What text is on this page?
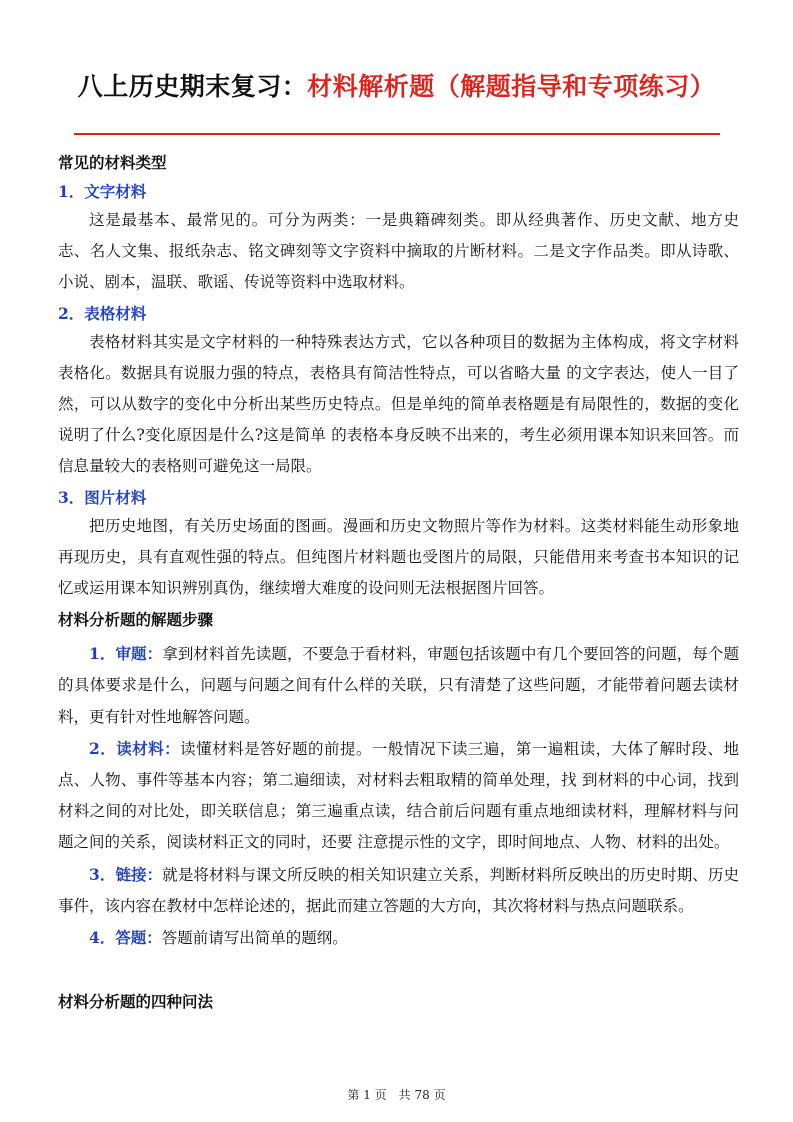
八上历史期末复习：材料解析题（解题指导和专项练习）
常见的材料类型
1．文字材料

这是最基本、最常见的。可分为两类：一是典籍碑刻类。即从经典著作、历史文献、地方史志、名人文集、报纸杂志、铭文碑刻等文字资料中摘取的片断材料。二是文字作品类。即从诗歌、小说、剧本，温联、歌谣、传说等资料中选取材料。

2．表格材料

表格材料其实是文字材料的一种特殊表达方式，它以各种项目的数据为主体构成，将文字材料表格化。数据具有说服力强的特点，表格具有简洁性特点，可以省略大量 的文字表达，使人一目了然，可以从数字的变化中分析出某些历史特点。但是单纯的简单表格题是有局限性的，数据的变化说明了什么?变化原因是什么?这是简单 的表格本身反映不出来的，考生必须用课本知识来回答。而信息量较大的表格则可避免这一局限。

3．图片材料

把历史地图，有关历史场面的图画。漫画和历史文物照片等作为材料。这类材料能生动形象地再现历史，具有直观性强的特点。但纯图片材料题也受图片的局限，只能借用来考查书本知识的记忆或运用课本知识辨别真伪，继续增大难度的设问则无法根据图片回答。

材料分析题的解题步骤

1．审题：拿到材料首先读题，不要急于看材料，审题包括该题中有几个要回答的问题，每个题的具体要求是什么，问题与问题之间有什么样的关联，只有清楚了这些问题，才能带着问题去读材料，更有针对性地解答问题。

2．读材料：读懂材料是答好题的前提。一般情况下读三遍，第一遍粗读，大体了解时段、地点、人物、事件等基本内容；第二遍细读，对材料去粗取精的简单处理，找 到材料的中心词，找到材料之间的对比处，即关联信息；第三遍重点读，结合前后问题有重点地细读材料，理解材料与问题之间的关系，阅读材料正文的同时，还要 注意提示性的文字，即时间地点、人物、材料的出处。

3．链接：就是将材料与课文所反映的相关知识建立关系，判断材料所反映出的历史时期、历史事件，该内容在教材中怎样论述的，据此而建立答题的大方向，其次将材料与热点问题联系。

4．答题：答题前请写出简单的题纲。

材料分析题的四种问法
第 1 页　共 78 页
